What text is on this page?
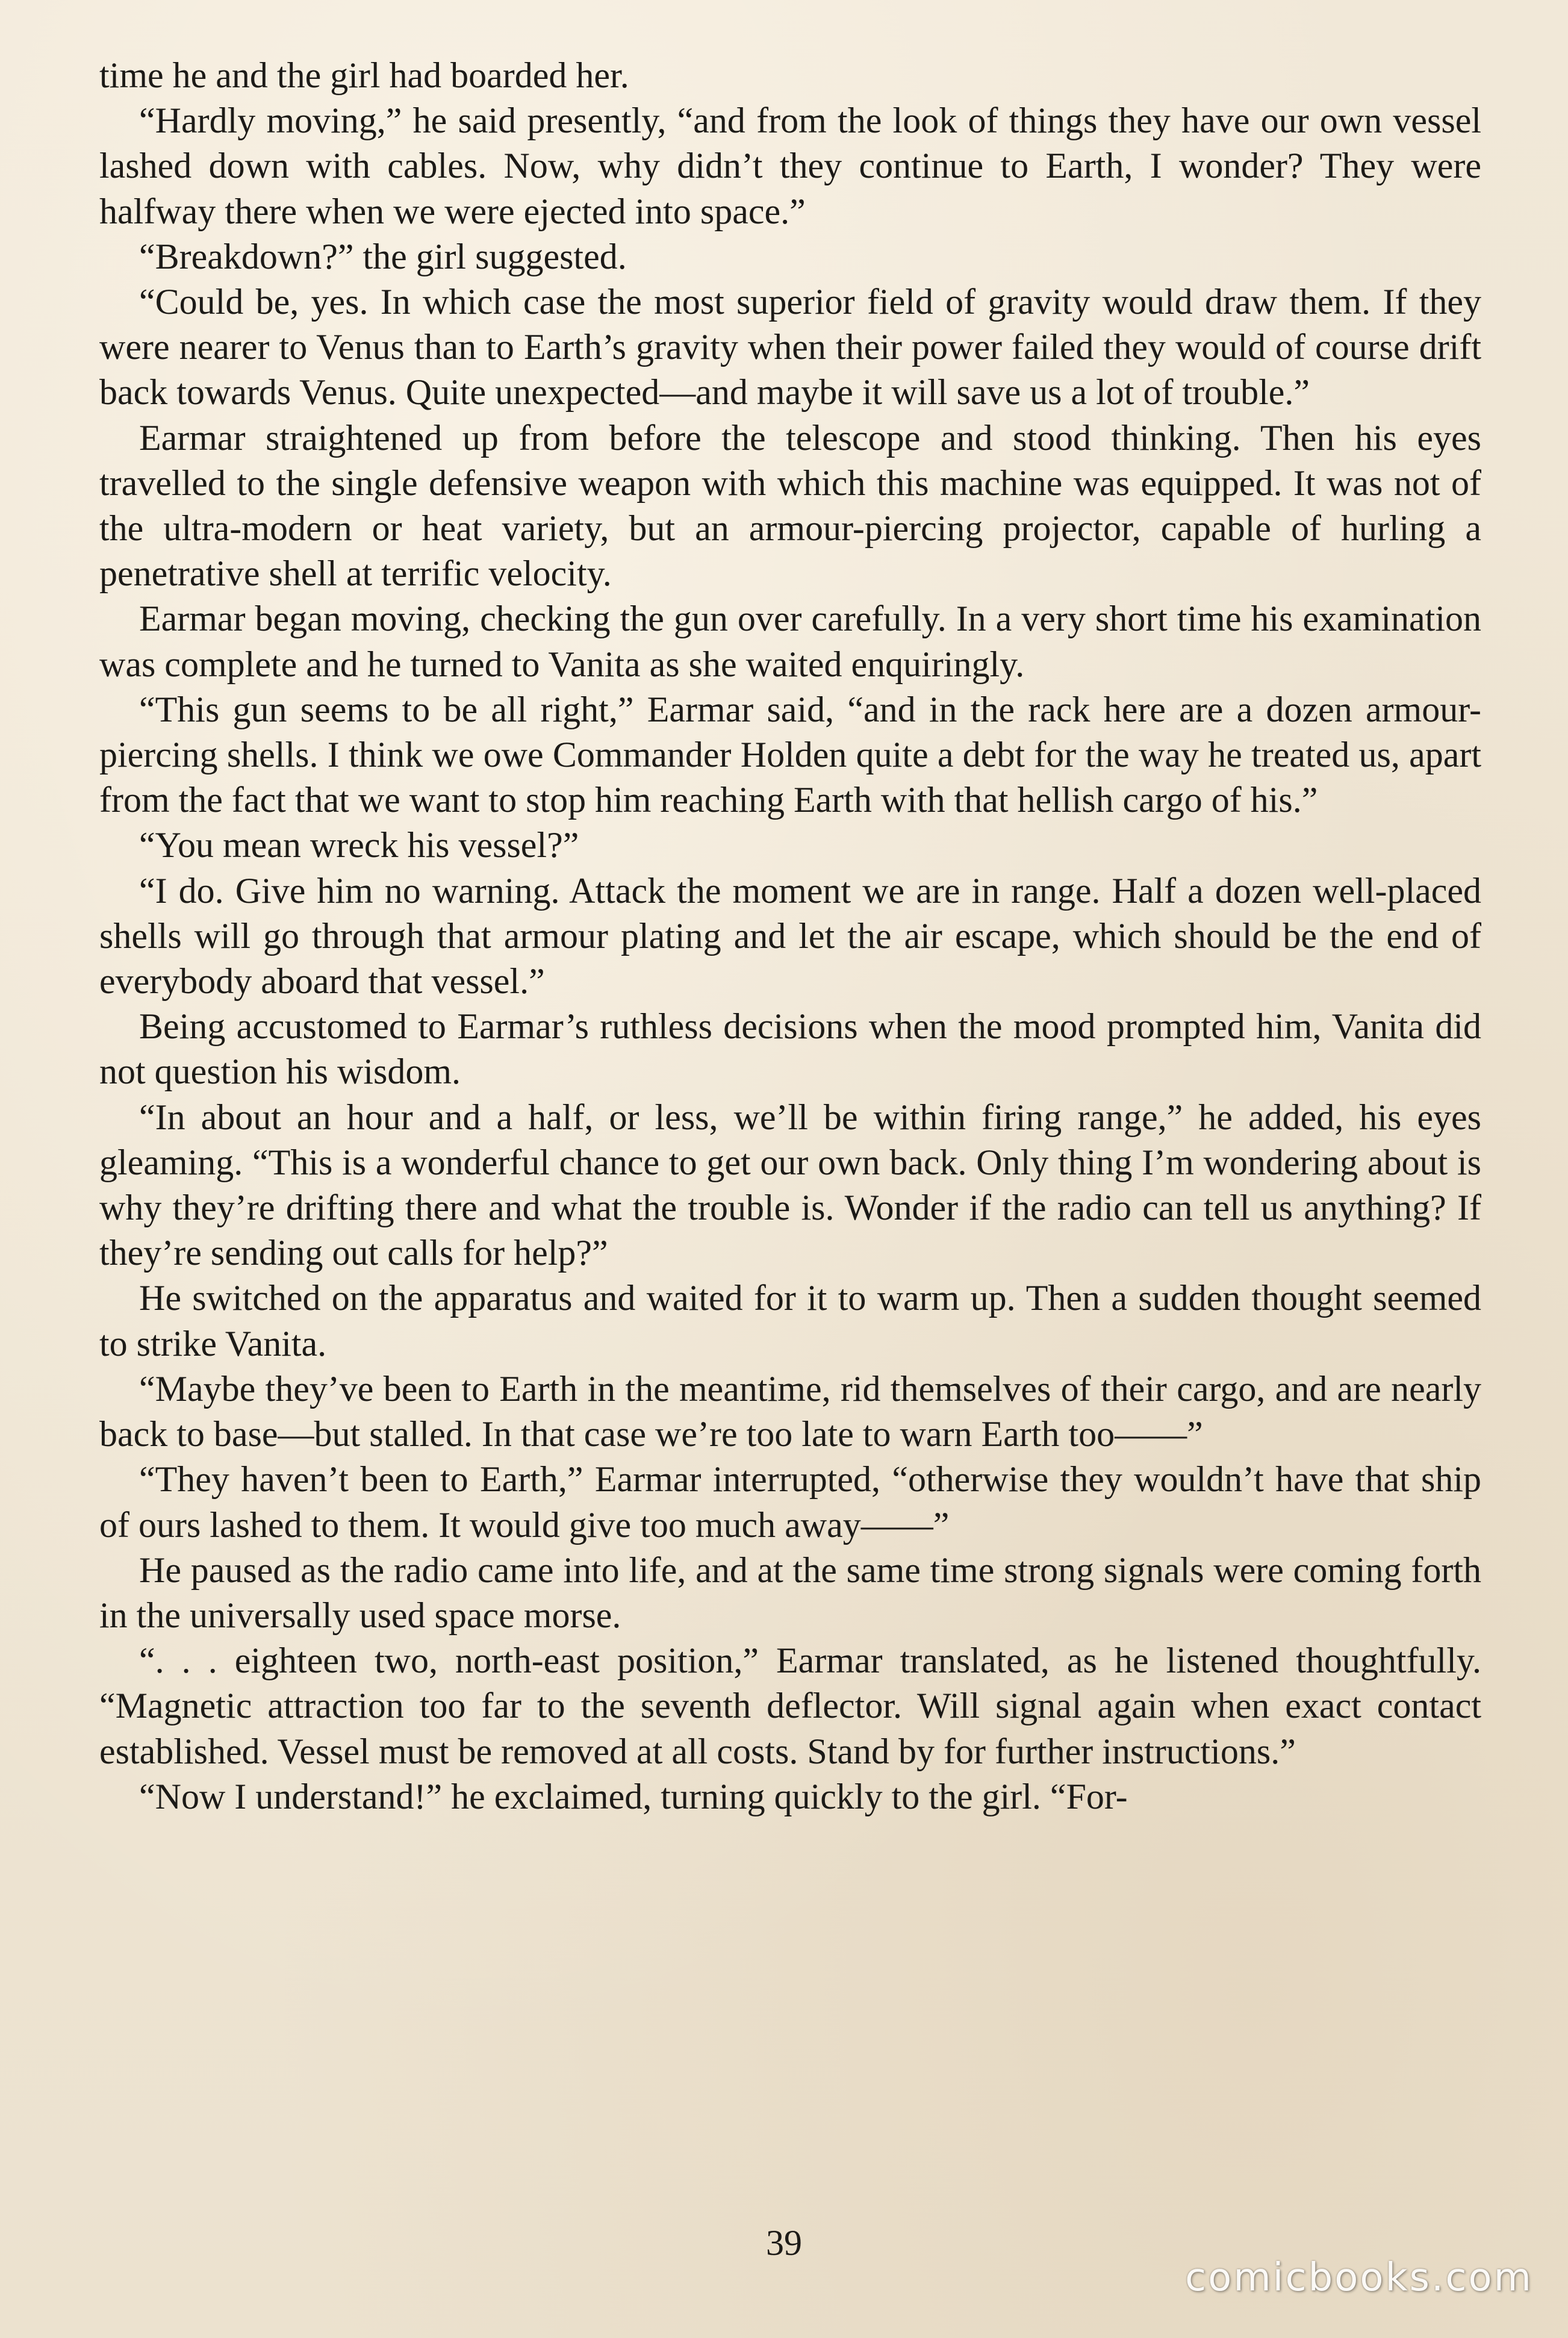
time he and the girl had boarded her.

“Hardly moving,” he said presently, “and from the look of things they have our own vessel lashed down with cables. Now, why didn’t they continue to Earth, I wonder? They were halfway there when we were ejected into space.”

“Breakdown?” the girl suggested.

“Could be, yes. In which case the most superior field of gravity would draw them. If they were nearer to Venus than to Earth’s gravity when their power failed they would of course drift back towards Venus. Quite unexpected—and maybe it will save us a lot of trouble.”

Earmar straightened up from before the telescope and stood thinking. Then his eyes travelled to the single defensive weapon with which this machine was equipped. It was not of the ultra-modern or heat variety, but an armour-piercing projector, capable of hurling a penetrative shell at terrific velocity.

Earmar began moving, checking the gun over carefully. In a very short time his examination was complete and he turned to Vanita as she waited enquiringly.

“This gun seems to be all right,” Earmar said, “and in the rack here are a dozen armour-piercing shells. I think we owe Commander Holden quite a debt for the way he treated us, apart from the fact that we want to stop him reaching Earth with that hellish cargo of his.”

“You mean wreck his vessel?”

“I do. Give him no warning. Attack the moment we are in range. Half a dozen well-placed shells will go through that armour plating and let the air escape, which should be the end of everybody aboard that vessel.”

Being accustomed to Earmar’s ruthless decisions when the mood prompted him, Vanita did not question his wisdom.

“In about an hour and a half, or less, we’ll be within firing range,” he added, his eyes gleaming. “This is a wonderful chance to get our own back. Only thing I’m wondering about is why they’re drifting there and what the trouble is. Wonder if the radio can tell us anything? If they’re sending out calls for help?”

He switched on the apparatus and waited for it to warm up. Then a sudden thought seemed to strike Vanita.

“Maybe they’ve been to Earth in the meantime, rid themselves of their cargo, and are nearly back to base—but stalled. In that case we’re too late to warn Earth too——”

“They haven’t been to Earth,” Earmar interrupted, “otherwise they wouldn’t have that ship of ours lashed to them. It would give too much away——”

He paused as the radio came into life, and at the same time strong signals were coming forth in the universally used space morse.

“. . . eighteen two, north-east position,” Earmar translated, as he listened thoughtfully. “Magnetic attraction too far to the seventh deflector. Will signal again when exact contact established. Vessel must be removed at all costs. Stand by for further instructions.”

“Now I understand!” he exclaimed, turning quickly to the girl. “For-

39
comicbooks.com
